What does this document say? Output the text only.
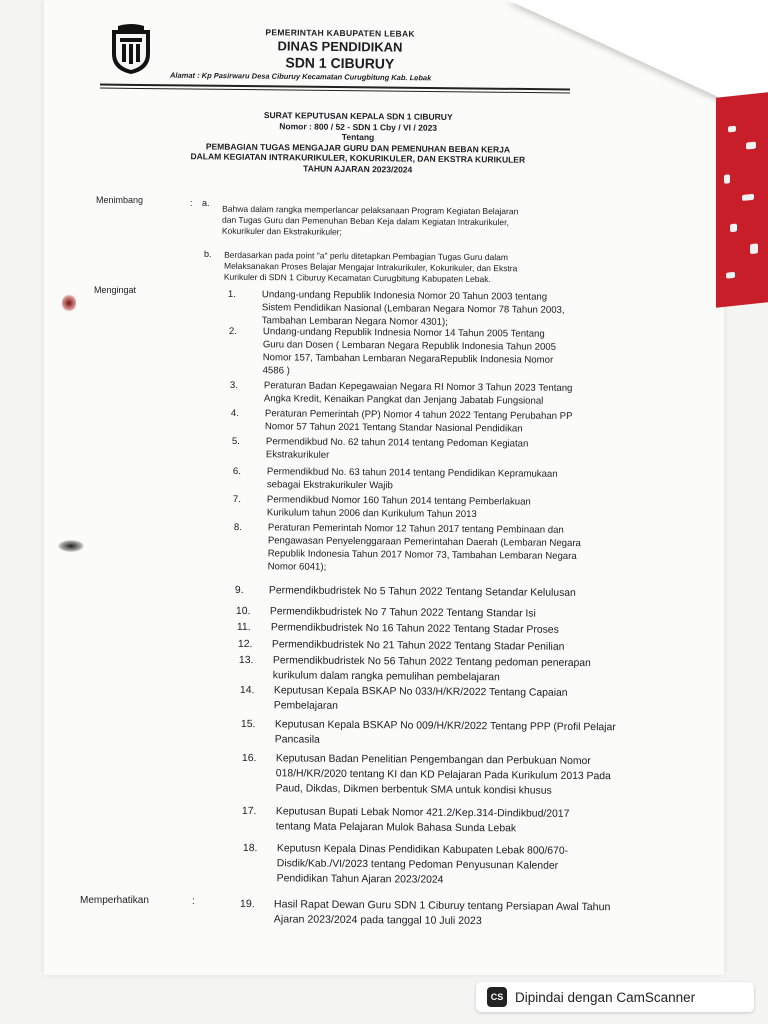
PEMERINTAH KABUPATEN LEBAK
DINAS PENDIDIKAN
SDN 1 CIBURUY
Alamat : Kp Pasirwaru Desa Ciburuy Kecamatan Curugbitung Kab. Lebak
SURAT KEPUTUSAN KEPALA SDN 1 CIBURUY
Nomor : 800 / 52 - SDN 1 Cby / VI / 2023
Tentang
PEMBAGIAN TUGAS MENGAJAR GURU DAN PEMENUHAN BEBAN KERJA
DALAM KEGIATAN INTRAKURIKULER, KOKURIKULER, DAN EKSTRA KURIKULER
TAHUN AJARAN 2023/2024
Menimbang	: a.
Bahwa dalam rangka memperlancar pelaksanaan Program Kegiatan Belajaran
dan Tugas Guru dan Pemenuhan Beban Keja dalam Kegiatan Intrakurikuler,
Kokurikuler dan Ekstrakurikuler;
b. Berdasarkan pada point "a" perlu ditetapkan Pembagian Tugas Guru dalam
Melaksanakan Proses Belajar Mengajar Intrakurikuler, Kokurikuler, dan Ekstra
Kurikuler di SDN 1 Ciburuy Kecamatan Curugbitung Kabupaten Lebak.
Mengingat	1.	Undang-undang Republik Indonesia Nomor 20 Tahun 2003 tentang
Sistem Pendidikan Nasional (Lembaran Negara Nomor 78 Tahun 2003,
Tambahan Lembaran Negara Nomor 4301);
2.	Undang-undang Republik Indnesia Nomor 14 Tahun 2005 Tentang
Guru dan Dosen ( Lembaran Negara Republik Indonesia Tahun 2005
Nomor 157, Tambahan Lembaran NegaraRepublik Indonesia Nomor
4586 )
3.	Peraturan Badan Kepegawaian Negara RI Nomor 3 Tahun 2023 Tentang
Angka Kredit, Kenaikan Pangkat dan Jenjang Jabatab Fungsional
4.	Peraturan Pemerintah (PP) Nomor 4 tahun 2022 Tentang Perubahan PP
Nomor 57 Tahun 2021 Tentang Standar Nasional Pendidikan
5.	Permendikbud No. 62 tahun 2014 tentang Pedoman Kegiatan
Ekstrakurikuler
6.	Permendikbud No. 63 tahun 2014 tentang Pendidikan Kepramukaan
sebagai Ekstrakurikuler Wajib
7.	Permendikbud Nomor 160 Tahun 2014 tentang Pemberlakuan
Kurikulum tahun 2006 dan Kurikulum Tahun 2013
8.	Peraturan Pemerintah Nomor 12 Tahun 2017 tentang Pembinaan dan
Pengawasan Penyelenggaraan Pemerintahan Daerah (Lembaran Negara
Republik Indonesia Tahun 2017 Nomor 73, Tambahan Lembaran Negara
Nomor 6041);
9. Permendikbudristek No 5 Tahun 2022 Tentang Setandar Kelulusan
10. Permendikbudristek No 7 Tahun 2022 Tentang Standar Isi
11. Permendikbudristek No 16 Tahun 2022 Tentang Stadar Proses
12. Permendikbudristek No 21 Tahun 2022 Tentang Stadar Penilian
13. Permendikbudristek No 56 Tahun 2022 Tentang pedoman penerapan
kurikulum dalam rangka pemulihan pembelajaran
14. Keputusan Kepala BSKAP No 033/H/KR/2022 Tentang Capaian
Pembelajaran
15. Keputusan Kepala BSKAP No 009/H/KR/2022 Tentang PPP (Profil Pelajar
Pancasila
16. Keputusan Badan Penelitian Pengembangan dan Perbukuan Nomor
018/H/KR/2020 tentang KI dan KD Pelajaran Pada Kurikulum 2013 Pada
Paud, Dikdas, Dikmen berbentuk SMA untuk kondisi khusus
17. Keputusan Bupati Lebak Nomor 421.2/Kep.314-Dindikbud/2017
tentang Mata Pelajaran Mulok Bahasa Sunda Lebak
18. Keputusn Kepala Dinas Pendidikan Kabupaten Lebak 800/670-
Disdik/Kab./VI/2023 tentang Pedoman Penyusunan Kalender
Pendidikan Tahun Ajaran 2023/2024
Memperhatikan	:	19. Hasil Rapat Dewan Guru SDN 1 Ciburuy tentang Persiapan Awal Tahun
Ajaran 2023/2024 pada tanggal 10 Juli 2023
CS Dipindai dengan CamScanner
